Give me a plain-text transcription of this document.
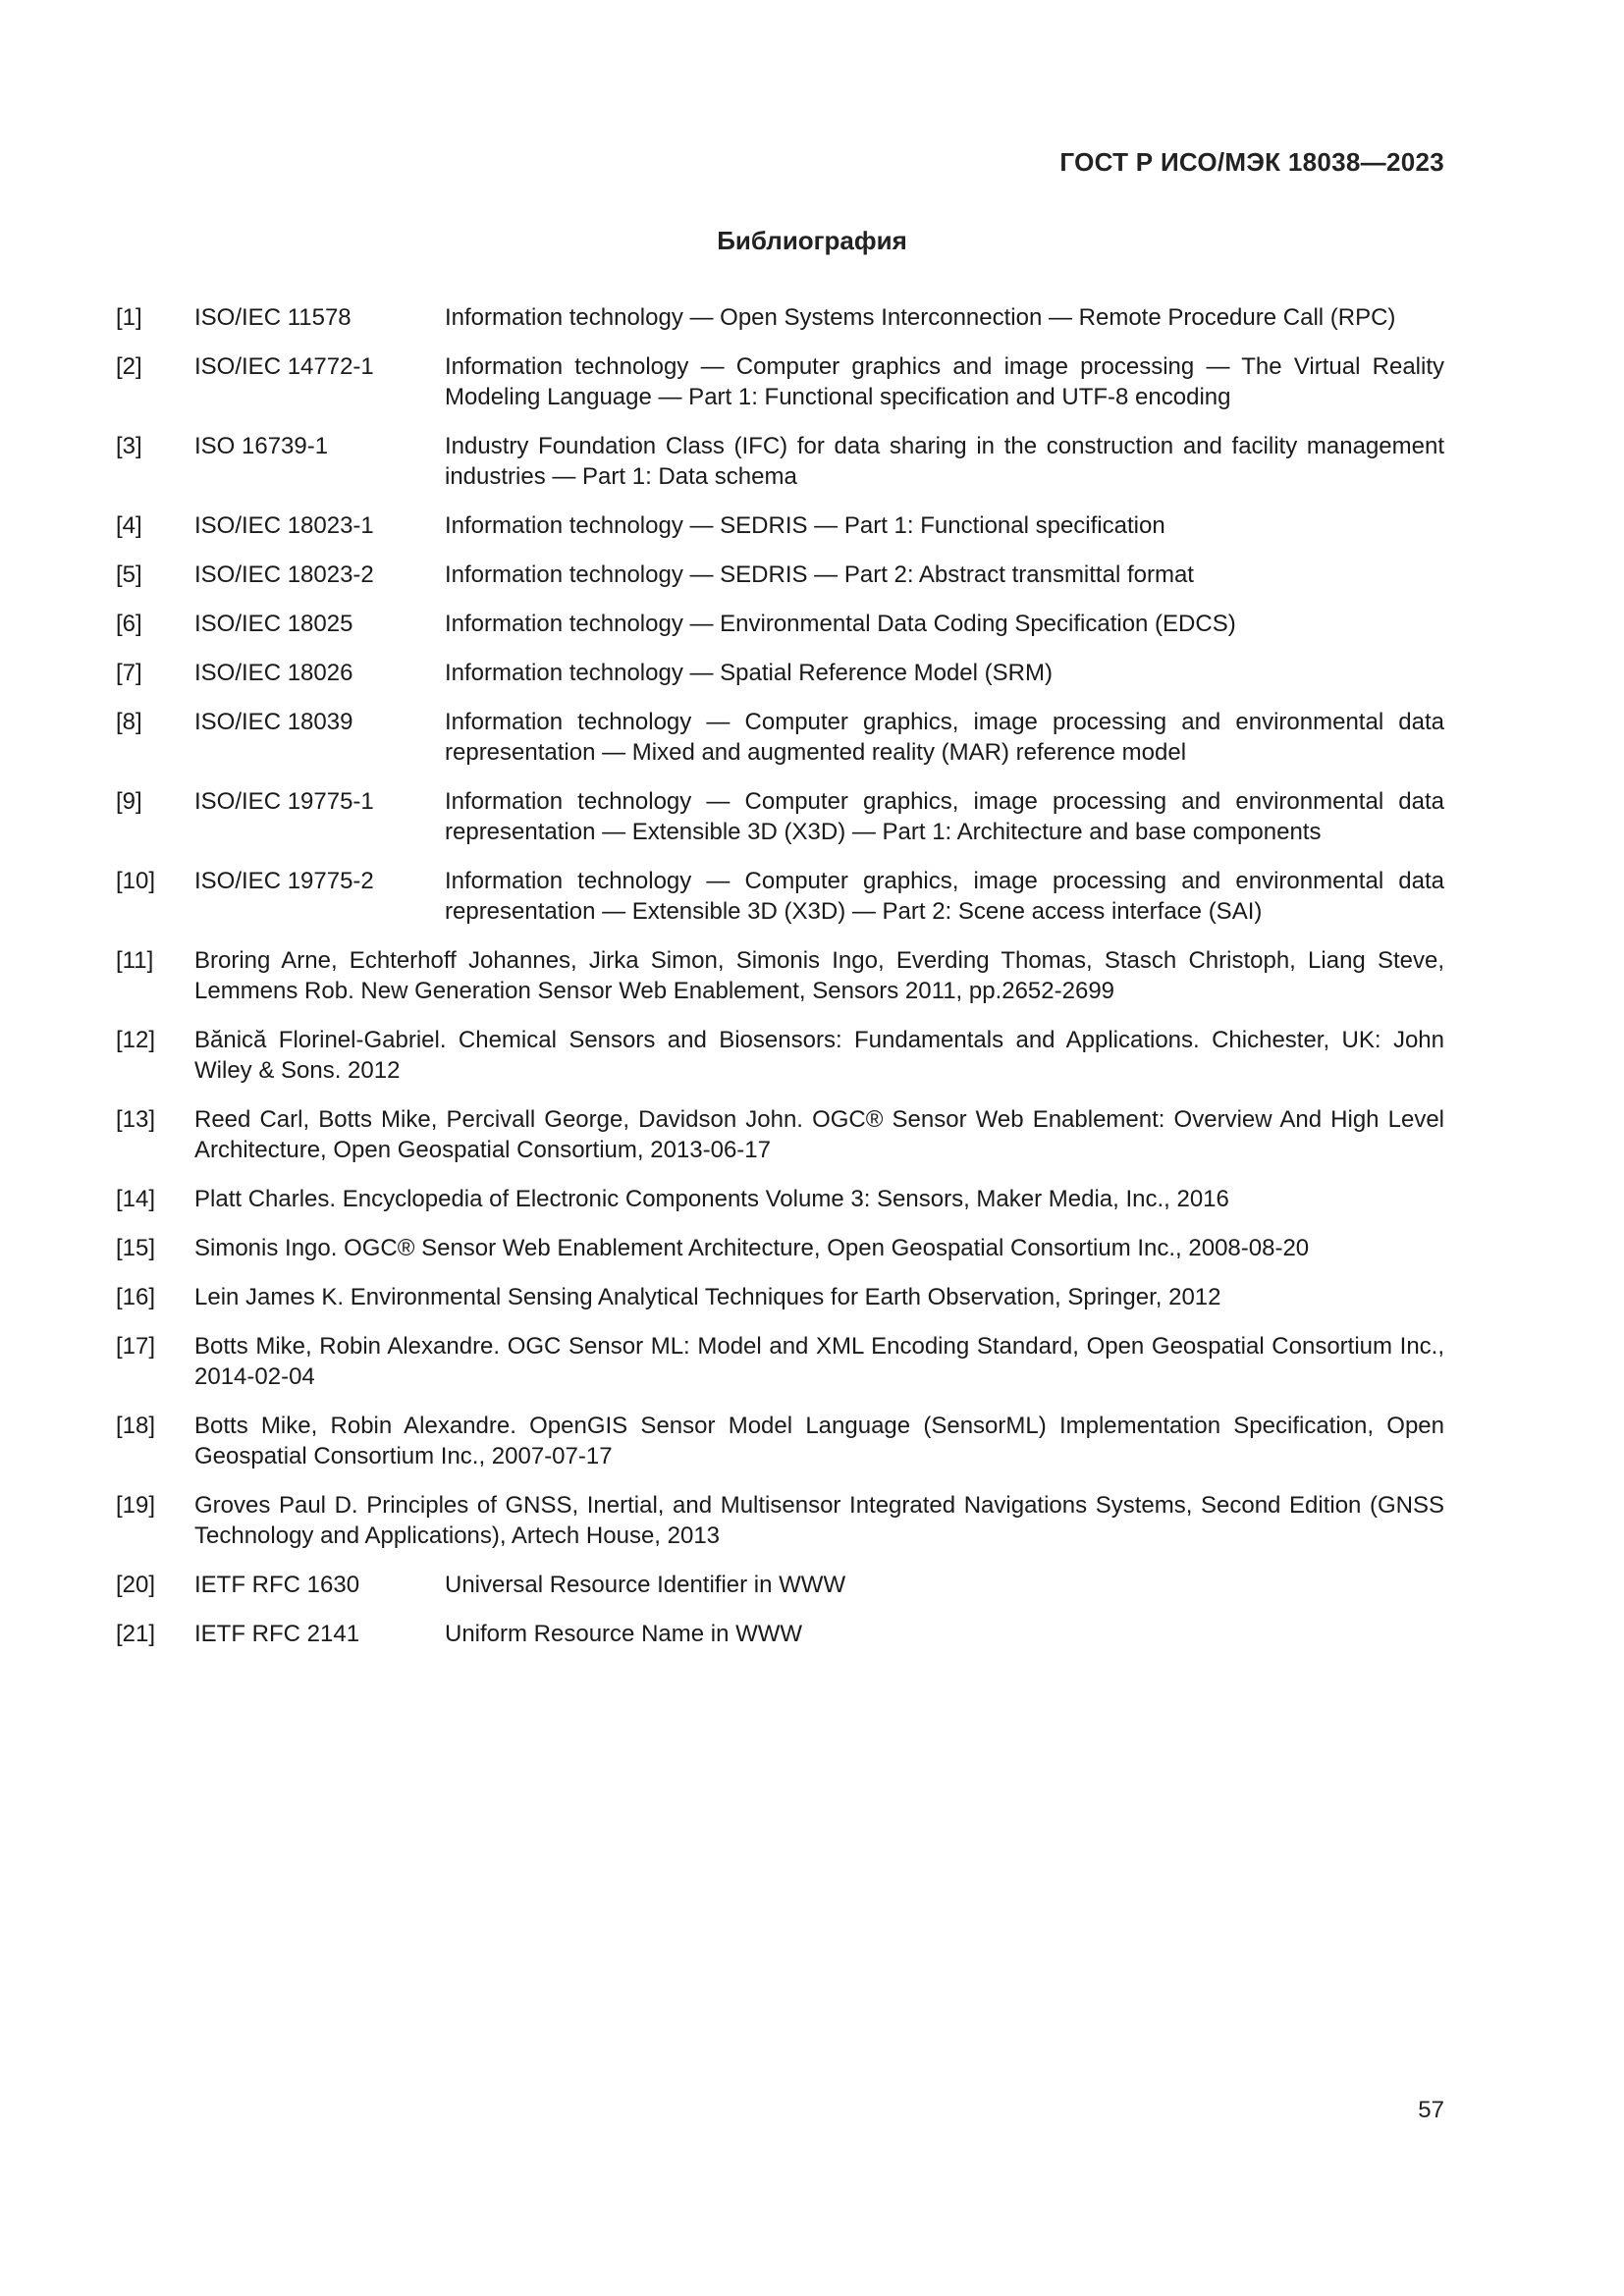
ГОСТ Р ИСО/МЭК 18038—2023
Библиография
[1]	ISO/IEC 11578	Information technology — Open Systems Interconnection — Remote Procedure Call (RPC)
[2]	ISO/IEC 14772-1	Information technology — Computer graphics and image processing — The Virtual Reality Modeling Language — Part 1: Functional specification and UTF-8 encoding
[3]	ISO 16739-1	Industry Foundation Class (IFC) for data sharing in the construction and facility management industries — Part 1: Data schema
[4]	ISO/IEC 18023-1	Information technology — SEDRIS — Part 1: Functional specification
[5]	ISO/IEC 18023-2	Information technology — SEDRIS — Part 2: Abstract transmittal format
[6]	ISO/IEC 18025	Information technology — Environmental Data Coding Specification (EDCS)
[7]	ISO/IEC 18026	Information technology — Spatial Reference Model (SRM)
[8]	ISO/IEC 18039	Information technology — Computer graphics, image processing and environmental data representation — Mixed and augmented reality (MAR) reference model
[9]	ISO/IEC 19775-1	Information technology — Computer graphics, image processing and environmental data representation — Extensible 3D (X3D) — Part 1: Architecture and base components
[10]	ISO/IEC 19775-2	Information technology — Computer graphics, image processing and environmental data representation — Extensible 3D (X3D) — Part 2: Scene access interface (SAI)
[11]	Broring Arne, Echterhoff Johannes, Jirka Simon, Simonis Ingo, Everding Thomas, Stasch Christoph, Liang Steve, Lemmens Rob. New Generation Sensor Web Enablement, Sensors 2011, pp.2652-2699
[12]	Bănică Florinel-Gabriel. Chemical Sensors and Biosensors: Fundamentals and Applications. Chichester, UK: John Wiley & Sons. 2012
[13]	Reed Carl, Botts Mike, Percivall George, Davidson John. OGC® Sensor Web Enablement: Overview And High Level Architecture, Open Geospatial Consortium, 2013-06-17
[14]	Platt Charles. Encyclopedia of Electronic Components Volume 3: Sensors, Maker Media, Inc., 2016
[15]	Simonis Ingo. OGC® Sensor Web Enablement Architecture, Open Geospatial Consortium Inc., 2008-08-20
[16]	Lein James K. Environmental Sensing Analytical Techniques for Earth Observation, Springer, 2012
[17]	Botts Mike, Robin Alexandre. OGC Sensor ML: Model and XML Encoding Standard, Open Geospatial Consortium Inc., 2014-02-04
[18]	Botts Mike, Robin Alexandre. OpenGIS Sensor Model Language (SensorML) Implementation Specification, Open Geospatial Consortium Inc., 2007-07-17
[19]	Groves Paul D. Principles of GNSS, Inertial, and Multisensor Integrated Navigations Systems, Second Edition (GNSS Technology and Applications), Artech House, 2013
[20]	IETF RFC 1630	Universal Resource Identifier in WWW
[21]	IETF RFC 2141	Uniform Resource Name in WWW
57
